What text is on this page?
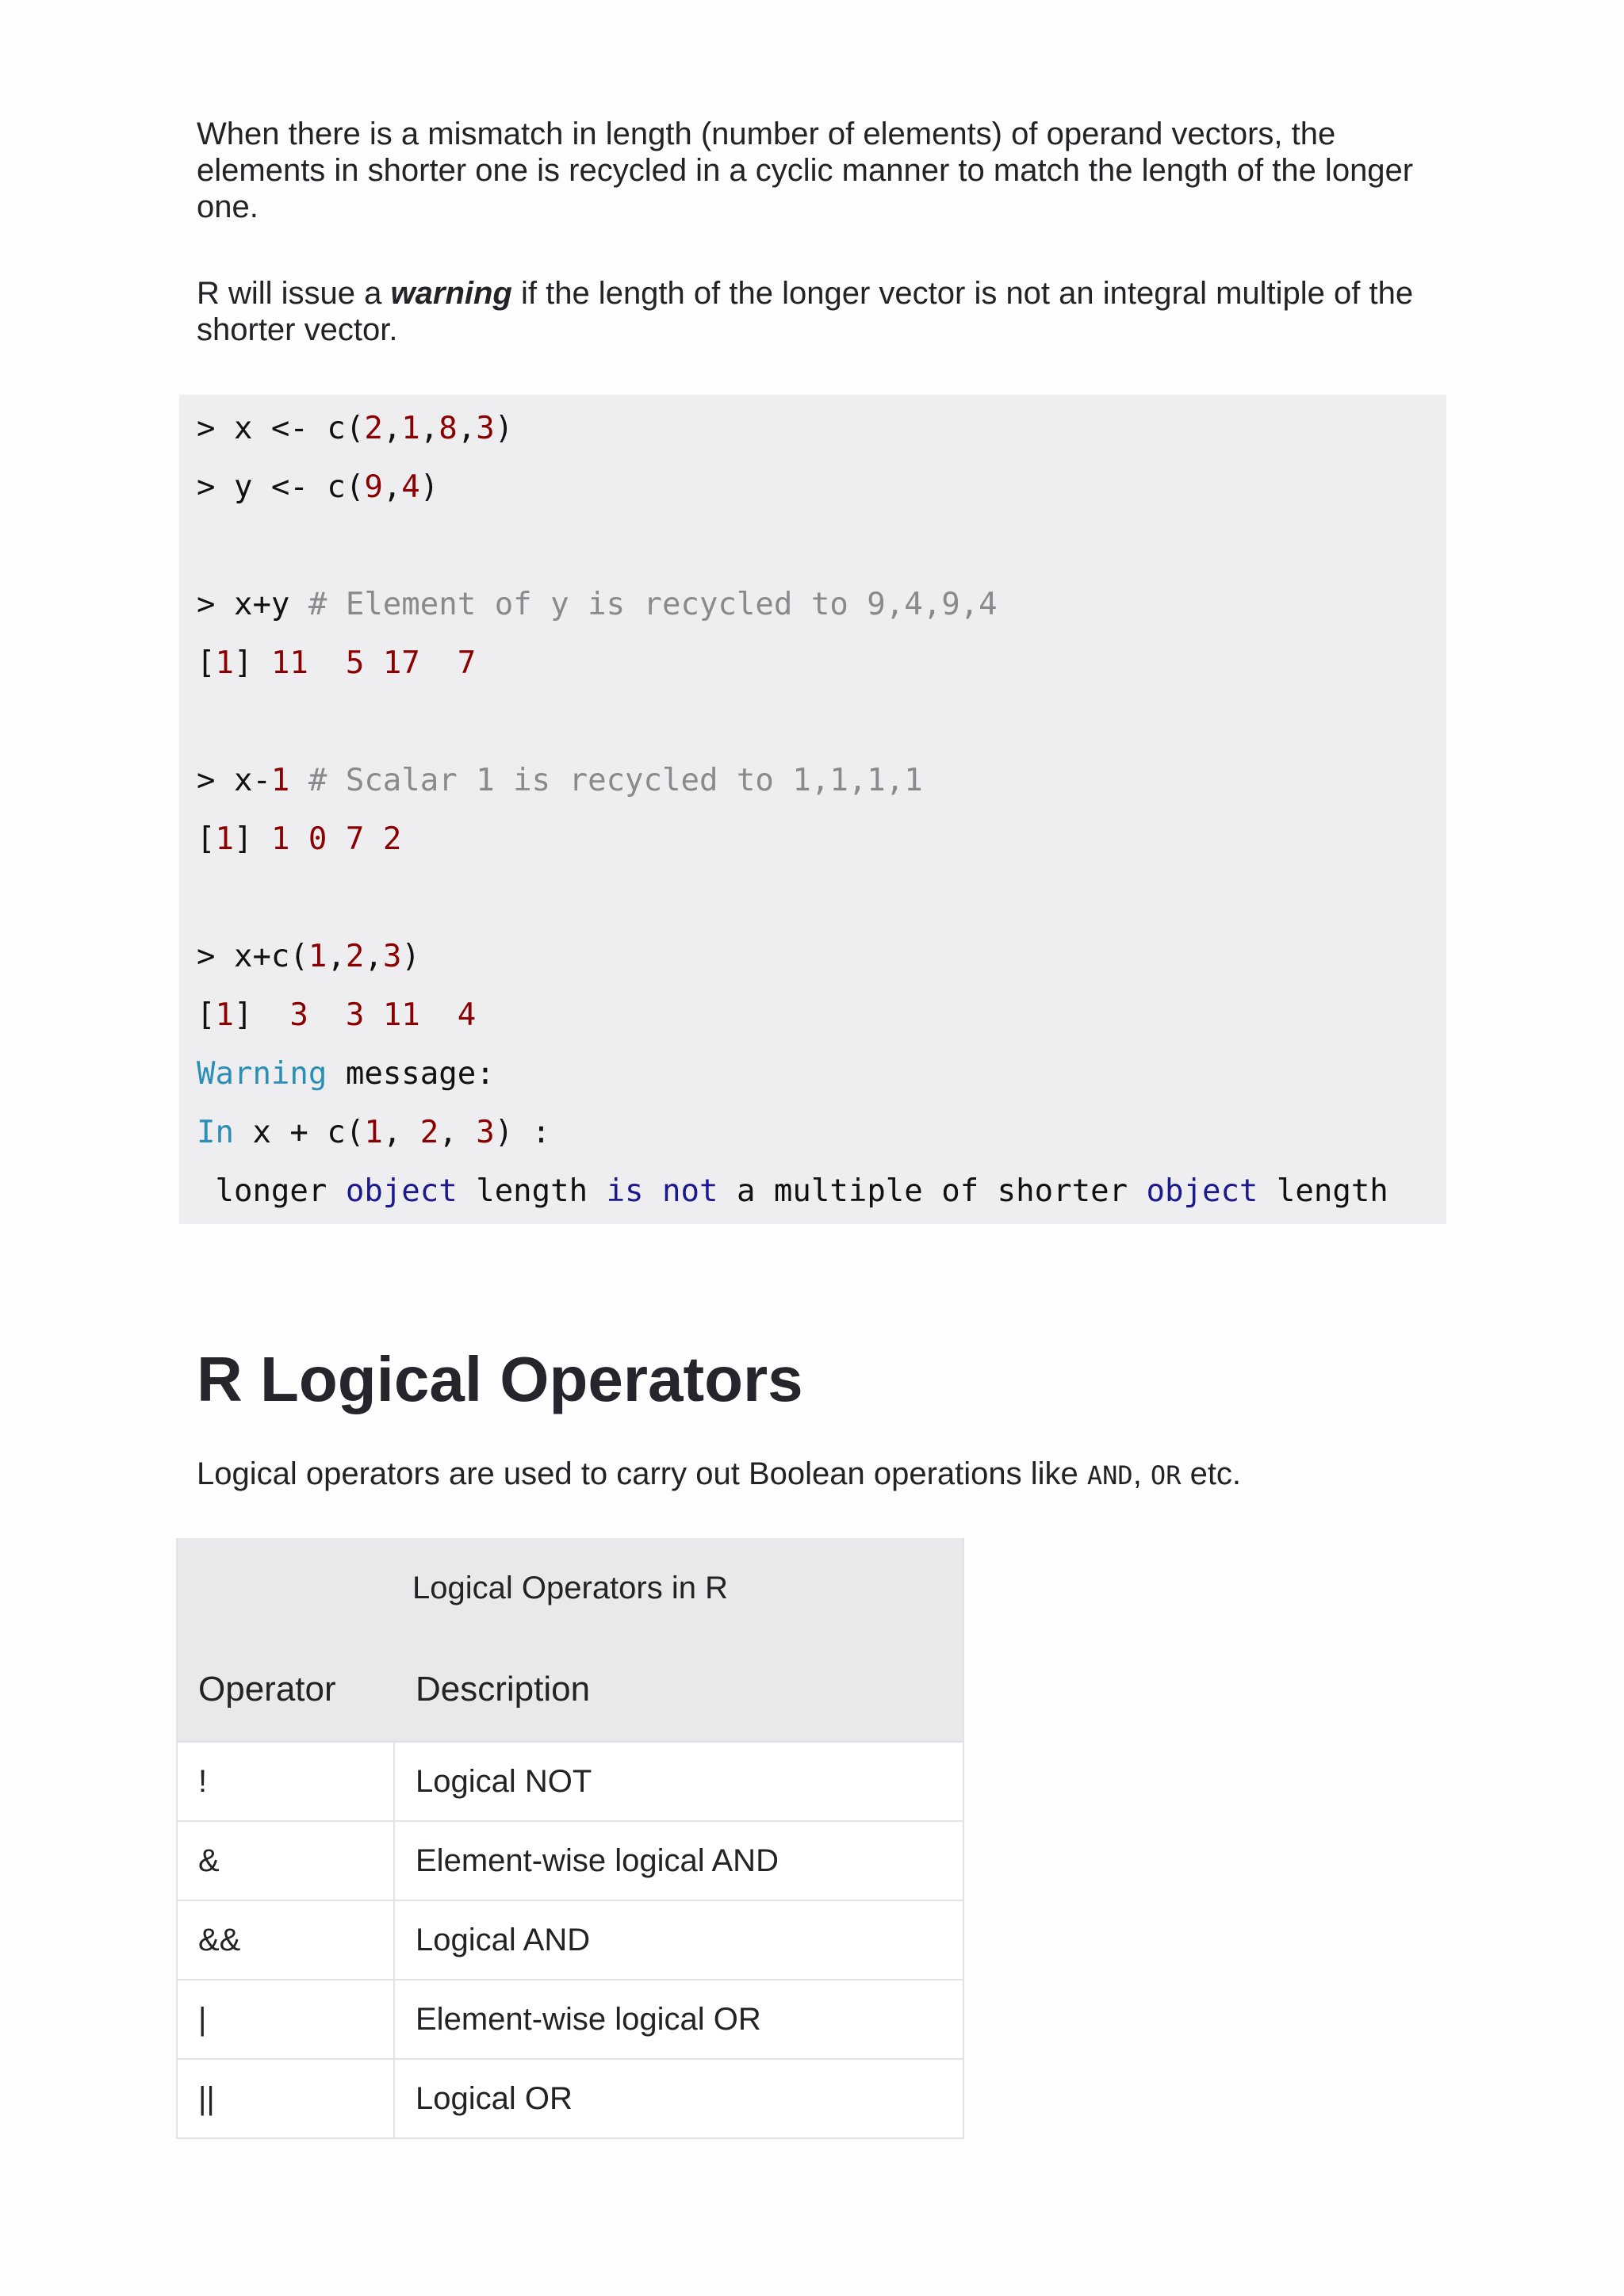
When there is a mismatch in length (number of elements) of operand vectors, the elements in shorter one is recycled in a cyclic manner to match the length of the longer one.

R will issue a warning if the length of the longer vector is not an integral multiple of the shorter vector.

> x <- c(2,1,8,3)
> y <- c(9,4)
> x+y # Element of y is recycled to 9,4,9,4
[1] 11  5 17  7
> x-1 # Scalar 1 is recycled to 1,1,1,1
[1] 1 0 7 2
> x+c(1,2,3)
[1]  3  3 11  4
Warning message:
In x + c(1, 2, 3) :
longer object length is not a multiple of shorter object length
R Logical Operators

Logical operators are used to carry out Boolean operations like AND, OR etc.

Logical Operators in R
Operator	Description
!	Logical NOT
&	Element-wise logical AND
&&	Logical AND
|	Element-wise logical OR
||	Logical OR
